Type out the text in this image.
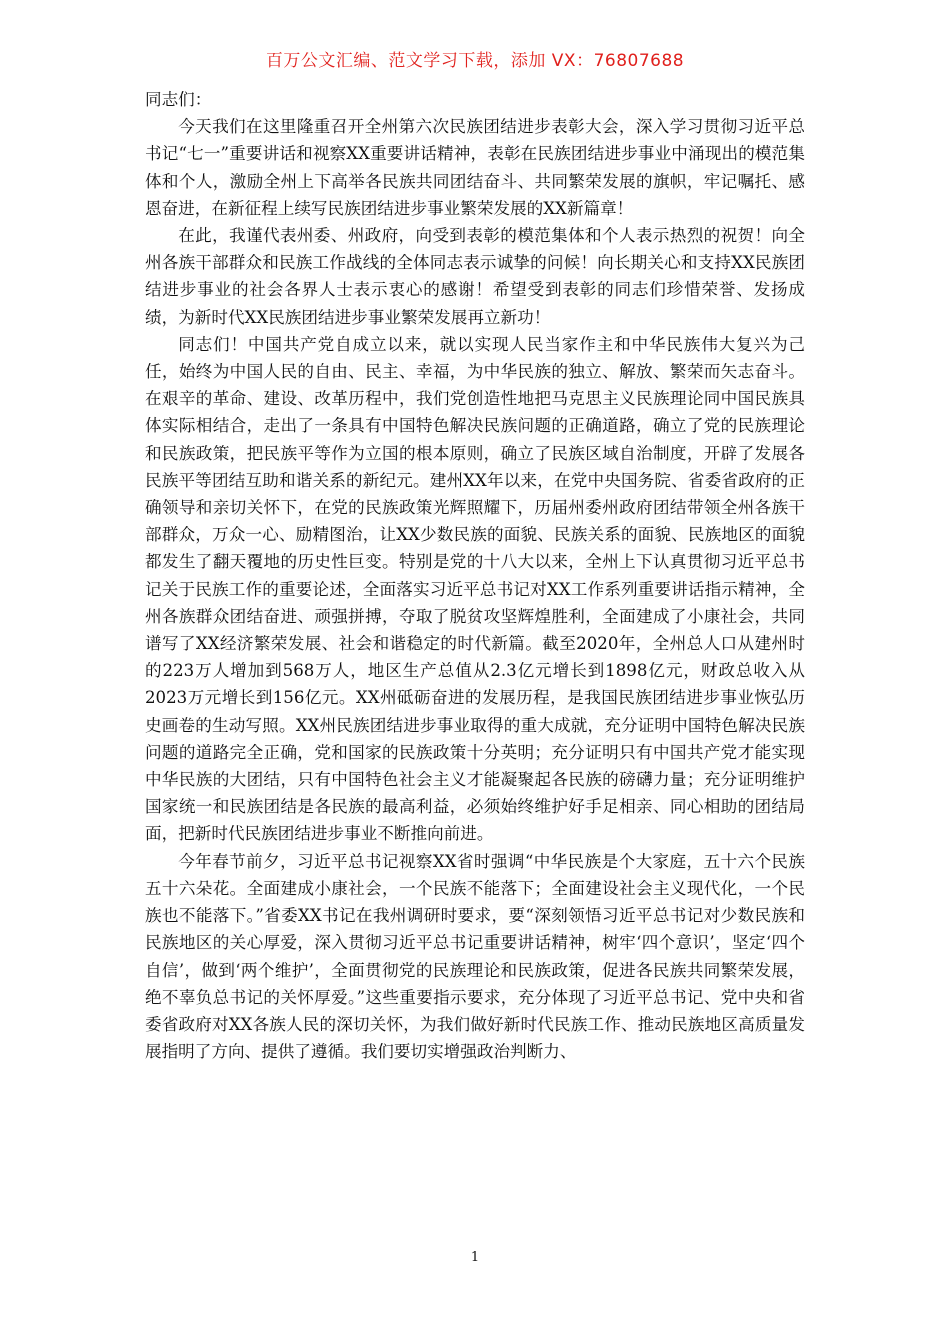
百万公文汇编、范文学习下载，添加 VX：76807688

同志们：

今天我们在这里隆重召开全州第六次民族团结进步表彰大会，深入学习贯彻习近平总书记“七一”重要讲话和视察XX重要讲话精神，表彰在民族团结进步事业中涌现出的模范集体和个人，激励全州上下高举各民族共同团结奋斗、共同繁荣发展的旗帜，牢记嘱托、感恩奋进，在新征程上续写民族团结进步事业繁荣发展的XX新篇章！

在此，我谨代表州委、州政府，向受到表彰的模范集体和个人表示热烈的祝贺！向全州各族干部群众和民族工作战线的全体同志表示诚挚的问候！向长期关心和支持XX民族团结进步事业的社会各界人士表示衷心的感谢！希望受到表彰的同志们珍惜荣誉、发扬成绩，为新时代XX民族团结进步事业繁荣发展再立新功！

同志们！中国共产党自成立以来，就以实现人民当家作主和中华民族伟大复兴为己任，始终为中国人民的自由、民主、幸福，为中华民族的独立、解放、繁荣而矢志奋斗。在艰辛的革命、建设、改革历程中，我们党创造性地把马克思主义民族理论同中国民族具体实际相结合，走出了一条具有中国特色解决民族问题的正确道路，确立了党的民族理论和民族政策，把民族平等作为立国的根本原则，确立了民族区域自治制度，开辟了发展各民族平等团结互助和谐关系的新纪元。建州XX年以来，在党中央国务院、省委省政府的正确领导和亲切关怀下，在党的民族政策光辉照耀下，历届州委州政府团结带领全州各族干部群众，万众一心、励精图治，让XX少数民族的面貌、民族关系的面貌、民族地区的面貌都发生了翻天覆地的历史性巨变。特别是党的十八大以来，全州上下认真贯彻习近平总书记关于民族工作的重要论述，全面落实习近平总书记对XX工作系列重要讲话指示精神，全州各族群众团结奋进、顽强拼搏，夺取了脱贫攻坚辉煌胜利，全面建成了小康社会，共同谱写了XX经济繁荣发展、社会和谐稳定的时代新篇。截至2020年，全州总人口从建州时的223万人增加到568万人，地区生产总值从2.3亿元增长到1898亿元，财政总收入从2023万元增长到156亿元。XX州砥砺奋进的发展历程，是我国民族团结进步事业恢弘历史画卷的生动写照。XX州民族团结进步事业取得的重大成就，充分证明中国特色解决民族问题的道路完全正确，党和国家的民族政策十分英明；充分证明只有中国共产党才能实现中华民族的大团结，只有中国特色社会主义才能凝聚起各民族的磅礴力量；充分证明维护国家统一和民族团结是各民族的最高利益，必须始终维护好手足相亲、同心相助的团结局面，把新时代民族团结进步事业不断推向前进。

今年春节前夕，习近平总书记视察XX省时强调“中华民族是个大家庭，五十六个民族五十六朵花。全面建成小康社会，一个民族不能落下；全面建设社会主义现代化，一个民族也不能落下。”省委XX书记在我州调研时要求，要“深刻领悟习近平总书记对少数民族和民族地区的关心厚爱，深入贯彻习近平总书记重要讲话精神，树牢‘四个意识’，坚定‘四个自信’，做到‘两个维护’，全面贯彻党的民族理论和民族政策，促进各民族共同繁荣发展，绝不辜负总书记的关怀厚爱。”这些重要指示要求，充分体现了习近平总书记、党中央和省委省政府对XX各族人民的深切关怀，为我们做好新时代民族工作、推动民族地区高质量发展指明了方向、提供了遵循。我们要切实增强政治判断力、

1
